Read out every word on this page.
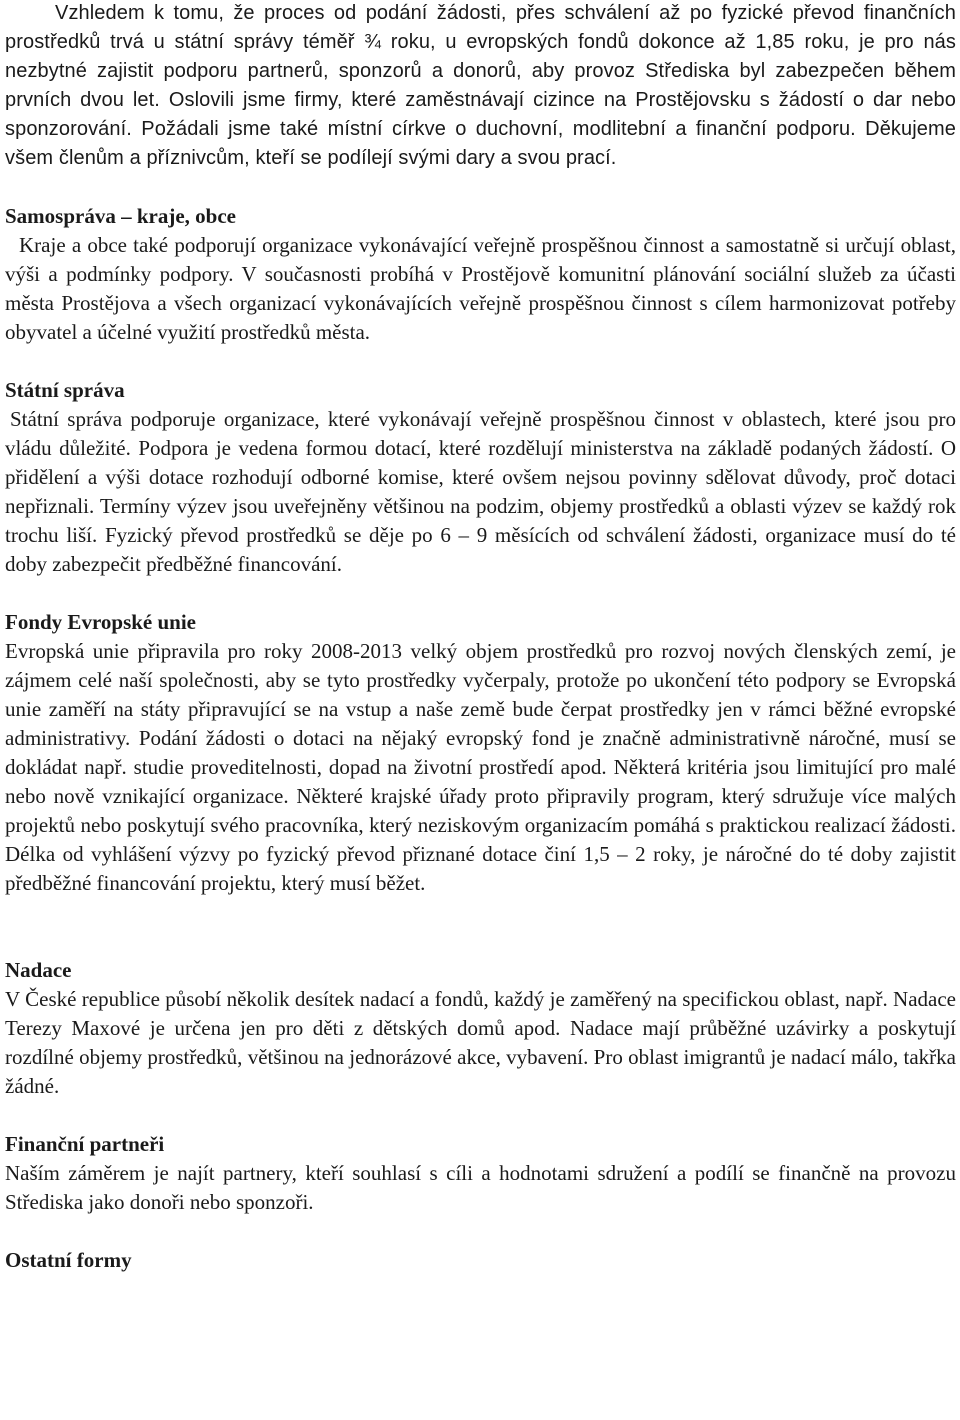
Vzhledem k tomu, že proces od podání žádosti, přes schválení až po fyzické převod finančních prostředků trvá u státní správy téměř ¾ roku, u evropských fondů dokonce až 1,85 roku, je pro nás nezbytné zajistit podporu partnerů, sponzorů a donorů, aby provoz Střediska byl zabezpečen během prvních dvou let. Oslovili jsme firmy, které zaměstnávají cizince na Prostějovsku s žádostí o dar nebo sponzorování. Požádali jsme také místní církve o duchovní, modlitební a finanční podporu. Děkujeme všem členům a příznivcům, kteří se podílejí svými dary a svou prací.

Samospráva – kraje, obce

Kraje a obce také podporují organizace vykonávající veřejně prospěšnou činnost a samostatně si určují oblast, výši a podmínky podpory. V současnosti probíhá v Prostějově komunitní plánování sociální služeb za účasti města Prostějova a všech organizací vykonávajících veřejně prospěšnou činnost s cílem harmonizovat potřeby obyvatel a účelné využití prostředků města.

Státní správa

Státní správa podporuje organizace, které vykonávají veřejně prospěšnou činnost v oblastech, které jsou pro vládu důležité. Podpora je vedena formou dotací, které rozdělují ministerstva na základě podaných žádostí. O přidělení a výši dotace rozhodují odborné komise, které ovšem nejsou povinny sdělovat důvody, proč dotaci nepřiznali. Termíny výzev jsou uveřejněny většinou na podzim, objemy prostředků a oblasti výzev se každý rok trochu liší. Fyzický převod prostředků se děje po 6 – 9 měsících od schválení žádosti, organizace musí do té doby zabezpečit předběžné financování.

Fondy Evropské unie

Evropská unie připravila pro roky 2008-2013 velký objem prostředků pro rozvoj nových členských zemí, je zájmem celé naší společnosti, aby se tyto prostředky vyčerpaly, protože po ukončení této podpory se Evropská unie zaměří na státy připravující se na vstup a naše země bude čerpat prostředky jen v rámci běžné evropské administrativy. Podání žádosti o dotaci na nějaký evropský fond je značně administrativně náročné, musí se dokládat např. studie proveditelnosti, dopad na životní prostředí apod. Některá kritéria jsou limitující pro malé nebo nově vznikající organizace. Některé krajské úřady proto připravily program, který sdružuje více malých projektů nebo poskytují svého pracovníka, který neziskovým organizacím pomáhá s praktickou realizací žádosti. Délka od vyhlášení výzvy po fyzický převod přiznané dotace činí 1,5 – 2 roky, je náročné do té doby zajistit předběžné financování projektu, který musí běžet.

Nadace

V České republice působí několik desítek nadací a fondů, každý je zaměřený na specifickou oblast, např. Nadace Terezy Maxové je určena jen pro děti z dětských domů apod. Nadace mají průběžné uzávirky a poskytují rozdílné objemy prostředků, většinou na jednorázové akce, vybavení. Pro oblast imigrantů je nadací málo, takřka žádné.

Finanční partneři

Naším záměrem je najít partnery, kteří souhlasí s cíli a hodnotami sdružení a podílí se finančně na provozu Střediska jako donoři nebo sponzoři.

Ostatní formy
